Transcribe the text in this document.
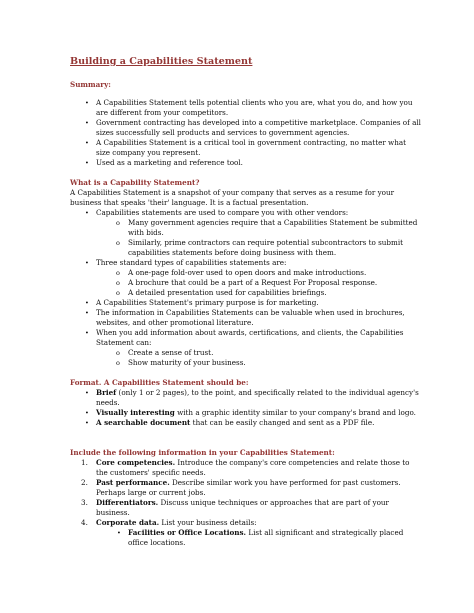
Building a Capabilities Statement
Summary:
• A Capabilities Statement tells potential clients who you are, what you do, and how you are different from your competitors.
• Government contracting has developed into a competitive marketplace. Companies of all sizes successfully sell products and services to government agencies.
• A Capabilities Statement is a critical tool in government contracting, no matter what size company you represent.
• Used as a marketing and reference tool.
What is a Capability Statement?
A Capabilities Statement is a snapshot of your company that serves as a resume for your business that speaks 'their' language. It is a factual presentation.
• Capabilities statements are used to compare you with other vendors:
o Many government agencies require that a Capabilities Statement be submitted with bids.
o Similarly, prime contractors can require potential subcontractors to submit capabilities statements before doing business with them.
• Three standard types of capabilities statements are:
o A one-page fold-over used to open doors and make introductions.
o A brochure that could be a part of a Request For Proposal response.
o A detailed presentation used for capabilities briefings.
• A Capabilities Statement's primary purpose is for marketing.
• The information in Capabilities Statements can be valuable when used in brochures, websites, and other promotional literature.
• When you add information about awards, certifications, and clients, the Capabilities Statement can:
o Create a sense of trust.
o Show maturity of your business.
Format. A Capabilities Statement should be:
• Brief (only 1 or 2 pages), to the point, and specifically related to the individual agency's needs.
• Visually interesting with a graphic identity similar to your company's brand and logo.
• A searchable document that can be easily changed and sent as a PDF file.
Include the following information in your Capabilities Statement:
1. Core competencies. Introduce the company's core competencies and relate those to the customers' specific needs.
2. Past performance. Describe similar work you have performed for past customers. Perhaps large or current jobs.
3. Differentiators. Discuss unique techniques or approaches that are part of your business.
4. Corporate data. List your business details:
• Facilities or Office Locations. List all significant and strategically placed office locations.
